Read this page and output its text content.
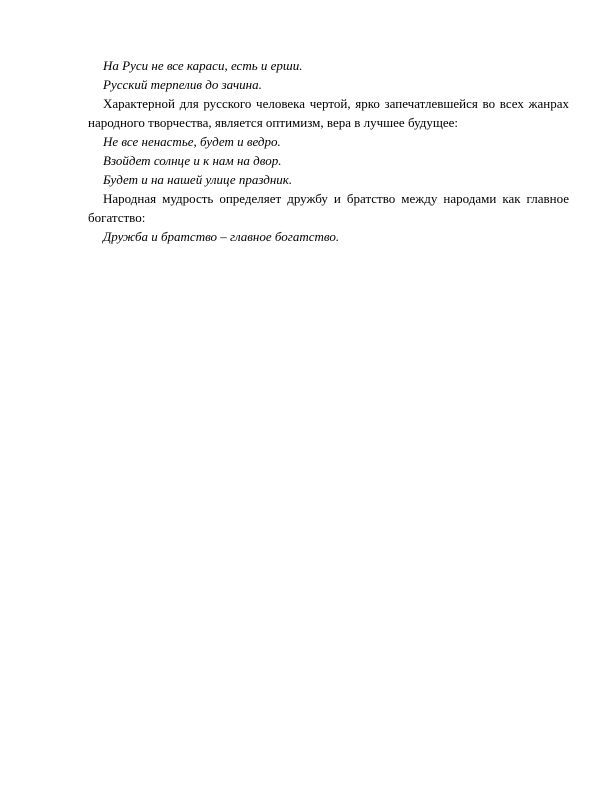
На Руси не все караси, есть и ерши.

Русский терпелив до зачина.

Характерной для русского человека чертой, ярко запечатлевшейся во всех жанрах народного творчества, является оптимизм, вера в лучшее будущее:

Не все ненастье, будет и ведро.

Взойдет солнце и к нам на двор.

Будет и на нашей улице праздник.

Народная мудрость определяет дружбу и братство между народами как главное богатство:

Дружба и братство – главное богатство.
